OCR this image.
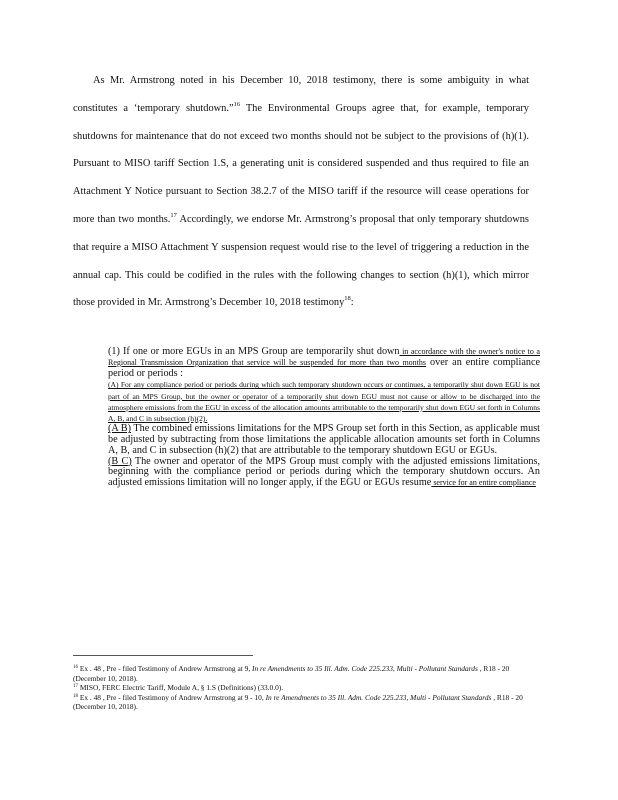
As Mr. Armstrong noted in his December 10, 2018 testimony, there is some ambiguity in what constitutes a ‘temporary shutdown.”$^{16}$ The Environmental Groups agree that, for example, temporary shutdowns for maintenance that do not exceed two months should not be subject to the provisions of (h)(1). Pursuant to MISO tariff Section 1.S, a generating unit is considered suspended and thus required to file an Attachment Y Notice pursuant to Section 38.2.7 of the MISO tariff if the resource will cease operations for more than two months.$^{17}$ Accordingly, we endorse Mr. Armstrong’s proposal that only temporary shutdowns that require a MISO Attachment Y suspension request would rise to the level of triggering a reduction in the annual cap. This could be codified in the rules with the following changes to section (h)(1), which mirror those provided in Mr. Armstrong’s December 10, 2018 testimony$^{18}$:

(1) If one or more EGUs in an MPS Group are temporarily shut down in accordance with the owner's notice to a Regional Transmission Organization that service will be suspended for more than two months over an entire compliance period or periods :

(A) For any compliance period or periods during which such temporary shutdown occurs or continues, a temporarily shut down EGU is not part of an MPS Group, but the owner or operator of a temporarily shut down EGU must not cause or allow to be discharged into the atmosphere emissions from the EGU in excess of the allocation amounts attributable to the temporarily shut down EGU set forth in Columns A, B, and C in subsection (h)(2).

(A B) The combined emissions limitations for the MPS Group set forth in this Section, as applicable must be adjusted by subtracting from those limitations the applicable allocation amounts set forth in Columns A, B, and C in subsection (h)(2) that are attributable to the temporary shutdown EGU or EGUs.

(B C) The owner and operator of the MPS Group must comply with the adjusted emissions limitations, beginning with the compliance period or periods during which the temporary shutdown occurs. An adjusted emissions limitation will no longer apply, if the EGU or EGUs resume service for an entire compliance

$^{16}$ Ex . 48 , Pre - filed Testimony of Andrew Armstrong at 9, In re Amendments to 35 Ill. Adm. Code 225.233, Multi - Pollutant Standards , R18 - 20 (December 10, 2018).

$^{17}$ MISO, FERC Electric Tariff, Module A, § 1.S (Definitions) (33.0.0).

$^{18}$ Ex . 48 , Pre - filed Testimony of Andrew Armstrong at 9 - 10, In re Amendments to 35 Ill. Adm. Code 225.233, Multi - Pollutant Standards , R18 - 20 (December 10, 2018).
